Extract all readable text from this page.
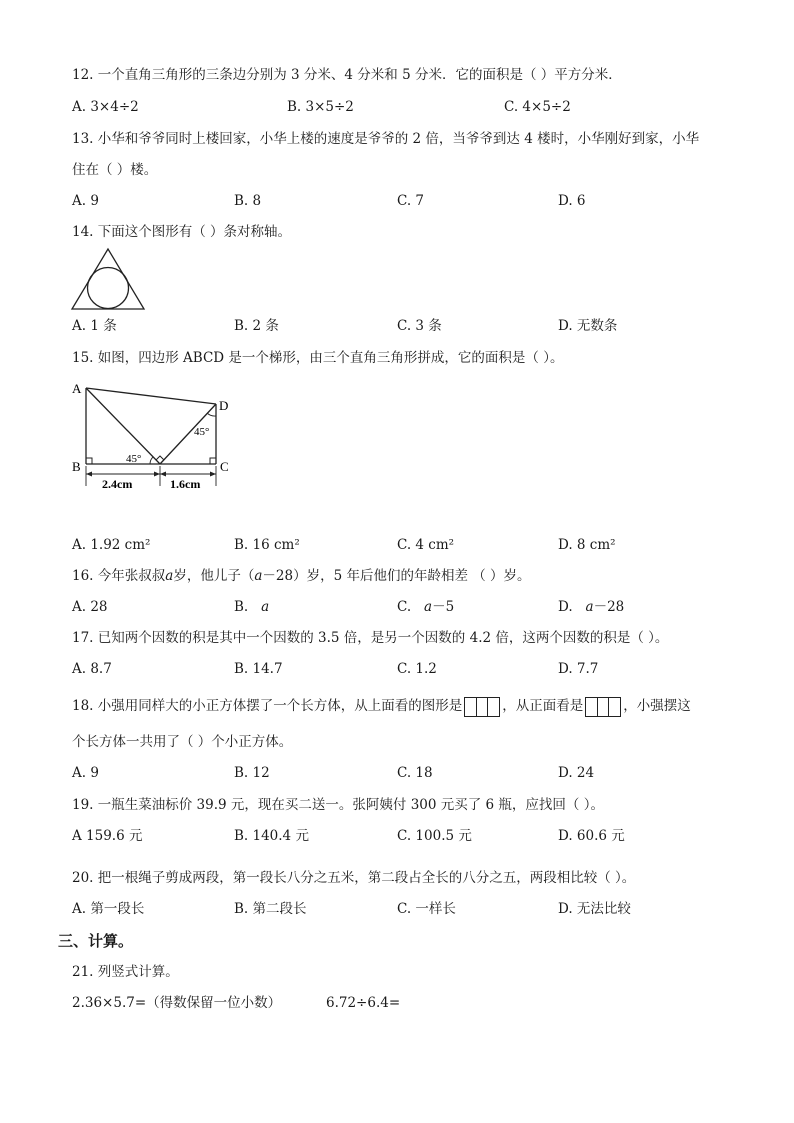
12. 一个直角三角形的三条边分别为 3 分米、4 分米和 5 分米．它的面积是（ ）平方分米．
A. 3×4÷2	B. 3×5÷2	C. 4×5÷2
13. 小华和爷爷同时上楼回家，小华上楼的速度是爷爷的 2 倍，当爷爷到达 4 楼时，小华刚好到家，小华
住在（ ）楼。
A. 9	B. 8	C. 7	D. 6
14. 下面这个图形有（ ）条对称轴。
A. 1 条	B. 2 条	C. 3 条	D. 无数条
15. 如图，四边形 ABCD 是一个梯形，由三个直角三角形拼成，它的面积是（ ）。
A
B	C
D
45°
45°
2.4cm	1.6cm
A. 1.92 cm²	B. 16 cm²	C. 4 cm²	D. 8 cm²
16. 今年张叔叔a岁，他儿子（a－28）岁，5 年后他们的年龄相差 （ ）岁。
A. 28	B. a	C. a－5	D. a－28
17. 已知两个因数的积是其中一个因数的 3.5 倍，是另一个因数的 4.2 倍，这两个因数的积是（ ）。
A. 8.7	B. 14.7	C. 1.2	D. 7.7
18. 小强用同样大的小正方体摆了一个长方体，从上面看的图形是	，从正面看是	，小强摆这
个长方体一共用了（ ）个小正方体。
A. 9	B. 12	C. 18	D. 24
19. 一瓶生菜油标价 39.9 元，现在买二送一。张阿姨付 300 元买了 6 瓶，应找回（ ）。
A 159.6 元	B. 140.4 元	C. 100.5 元	D. 60.6 元
20. 把一根绳子剪成两段，第一段长八分之五米，第二段占全长的八分之五，两段相比较（ ）。
A. 第一段长	B. 第二段长	C. 一样长	D. 无法比较
三、计算。
21. 列竖式计算。
2.36×5.7=（得数保留一位小数）	6.72÷6.4=
